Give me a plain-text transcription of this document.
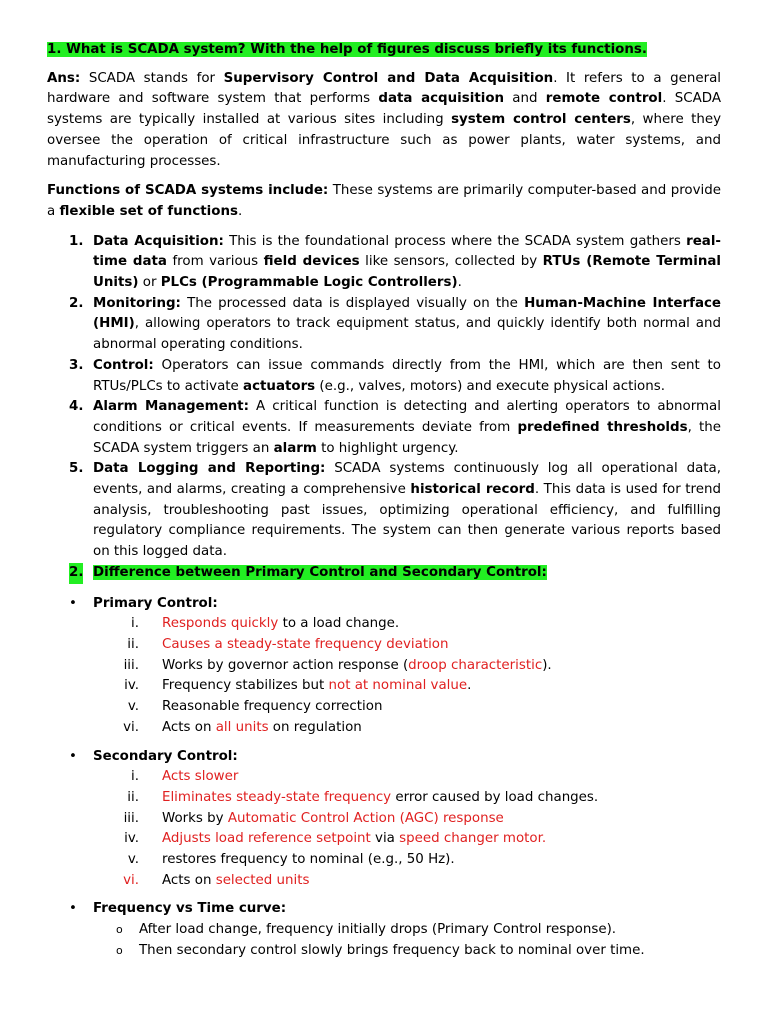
1. What is SCADA system? With the help of figures discuss briefly its functions.

Ans: SCADA stands for Supervisory Control and Data Acquisition. It refers to a general hardware and software system that performs data acquisition and remote control. SCADA systems are typically installed at various sites including system control centers, where they oversee the operation of critical infrastructure such as power plants, water systems, and manufacturing processes.

Functions of SCADA systems include: These systems are primarily computer-based and provide a flexible set of functions.

1. Data Acquisition: This is the foundational process where the SCADA system gathers real-time data from various field devices like sensors, collected by RTUs (Remote Terminal Units) or PLCs (Programmable Logic Controllers).
2. Monitoring: The processed data is displayed visually on the Human-Machine Interface (HMI), allowing operators to track equipment status, and quickly identify both normal and abnormal operating conditions.
3. Control: Operators can issue commands directly from the HMI, which are then sent to RTUs/PLCs to activate actuators (e.g., valves, motors) and execute physical actions.
4. Alarm Management: A critical function is detecting and alerting operators to abnormal conditions or critical events. If measurements deviate from predefined thresholds, the SCADA system triggers an alarm to highlight urgency.
5. Data Logging and Reporting: SCADA systems continuously log all operational data, events, and alarms, creating a comprehensive historical record. This data is used for trend analysis, troubleshooting past issues, optimizing operational efficiency, and fulfilling regulatory compliance requirements. The system can then generate various reports based on this logged data.

2. Difference between Primary Control and Secondary Control:

• Primary Control:
i. Responds quickly to a load change.
ii. Causes a steady-state frequency deviation
iii. Works by governor action response (droop characteristic).
iv. Frequency stabilizes but not at nominal value.
v. Reasonable frequency correction
vi. Acts on all units on regulation
• Secondary Control:
i. Acts slower
ii. Eliminates steady-state frequency error caused by load changes.
iii. Works by Automatic Control Action (AGC) response
iv. Adjusts load reference setpoint via speed changer motor.
v. restores frequency to nominal (e.g., 50 Hz).
vi. Acts on selected units
• Frequency vs Time curve:
o After load change, frequency initially drops (Primary Control response).
o Then secondary control slowly brings frequency back to nominal over time.
